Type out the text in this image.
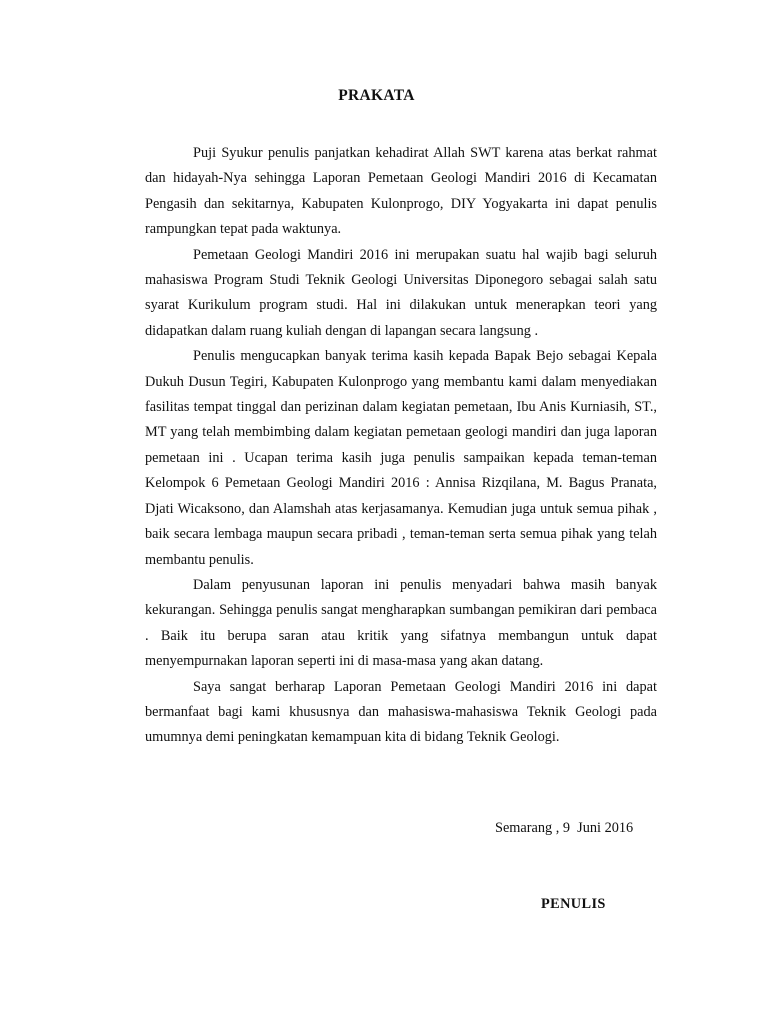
PRAKATA

Puji Syukur penulis panjatkan kehadirat Allah SWT karena atas berkat rahmat dan hidayah-Nya sehingga Laporan Pemetaan Geologi Mandiri 2016 di Kecamatan Pengasih dan sekitarnya, Kabupaten Kulonprogo, DIY Yogyakarta ini dapat penulis rampungkan tepat pada waktunya.

Pemetaan Geologi Mandiri 2016 ini merupakan suatu hal wajib bagi seluruh mahasiswa Program Studi Teknik Geologi Universitas Diponegoro sebagai salah satu syarat Kurikulum program studi. Hal ini dilakukan untuk menerapkan teori yang didapatkan dalam ruang kuliah dengan di lapangan secara langsung .

Penulis mengucapkan banyak terima kasih kepada Bapak Bejo sebagai Kepala Dukuh Dusun Tegiri, Kabupaten Kulonprogo yang membantu kami dalam menyediakan fasilitas tempat tinggal dan perizinan dalam kegiatan pemetaan, Ibu Anis Kurniasih, ST., MT yang telah membimbing dalam kegiatan pemetaan geologi mandiri dan juga laporan pemetaan ini . Ucapan terima kasih juga penulis sampaikan kepada teman-teman Kelompok 6 Pemetaan Geologi Mandiri 2016 : Annisa Rizqilana, M. Bagus Pranata, Djati Wicaksono, dan Alamshah atas kerjasamanya. Kemudian juga untuk semua pihak , baik secara lembaga maupun secara pribadi , teman-teman serta semua pihak yang telah membantu penulis.

Dalam penyusunan laporan ini penulis menyadari bahwa masih banyak kekurangan. Sehingga penulis sangat mengharapkan sumbangan pemikiran dari pembaca . Baik itu berupa saran atau kritik yang sifatnya membangun untuk dapat menyempurnakan laporan seperti ini di masa-masa yang akan datang.

Saya sangat berharap Laporan Pemetaan Geologi Mandiri 2016 ini dapat bermanfaat bagi kami khususnya dan mahasiswa-mahasiswa Teknik Geologi pada umumnya demi peningkatan kemampuan kita di bidang Teknik Geologi.

Semarang , 9  Juni 2016
PENULIS
